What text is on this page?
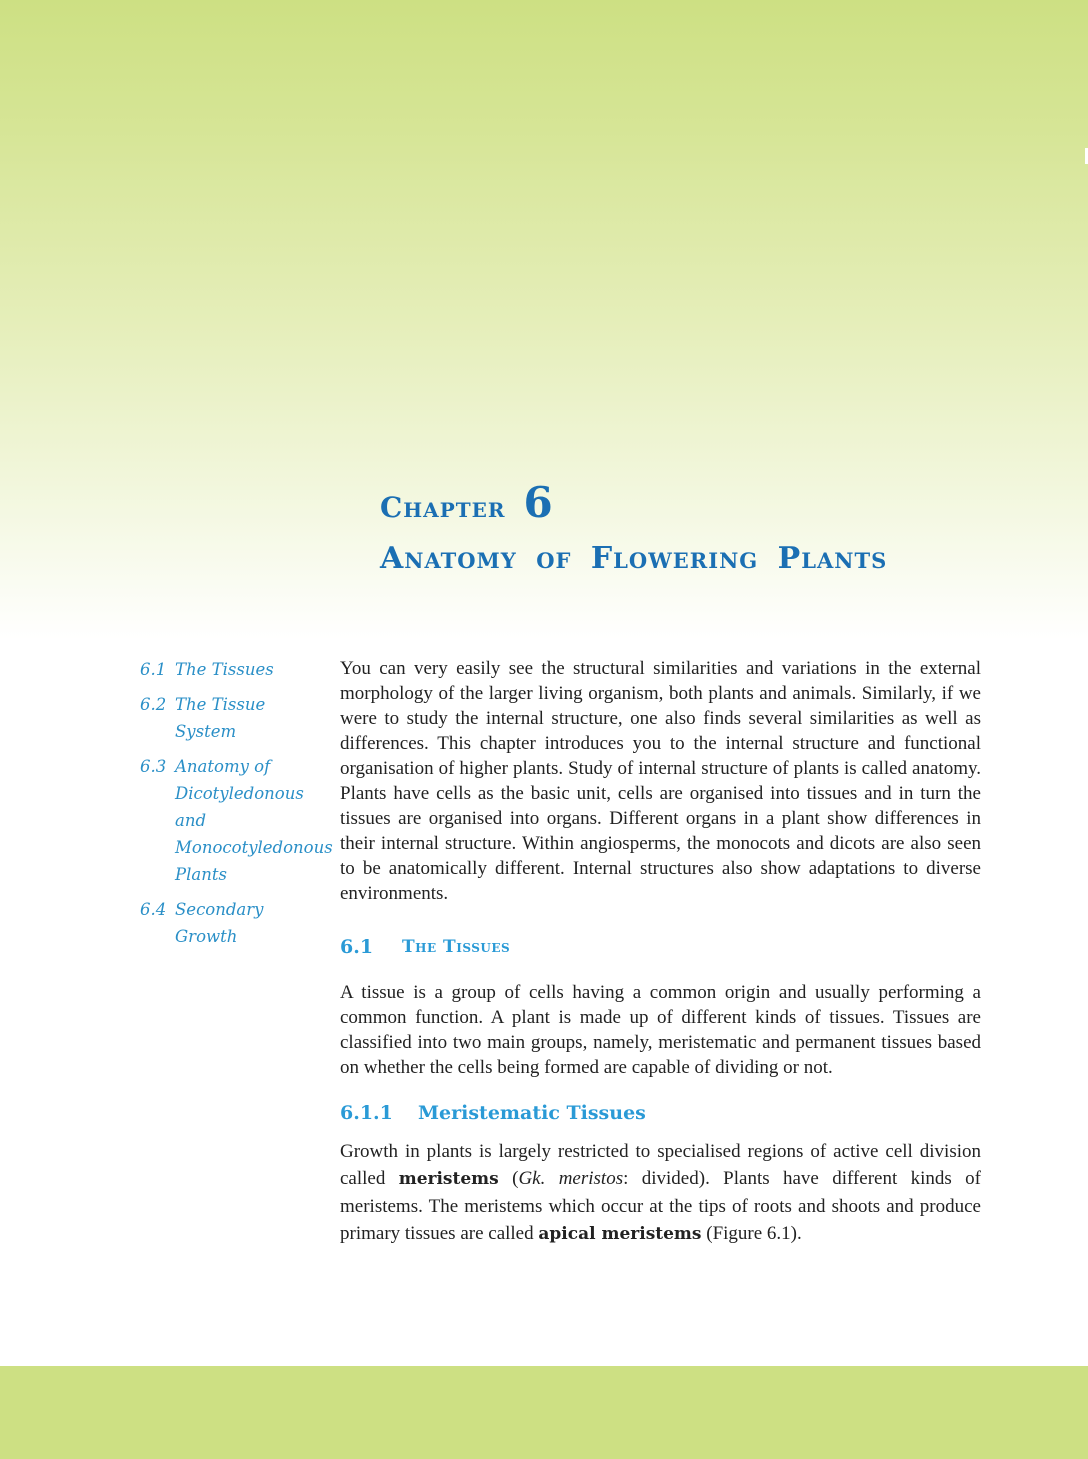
Chapter 6
Anatomy of Flowering Plants
6.1 The Tissues
6.2 The Tissue System
6.3 Anatomy of Dicotyledonous and Monocotyledonous Plants
6.4 Secondary Growth

You can very easily see the structural similarities and variations in the external morphology of the larger living organism, both plants and animals. Similarly, if we were to study the internal structure, one also finds several similarities as well as differences. This chapter introduces you to the internal structure and functional organisation of higher plants. Study of internal structure of plants is called anatomy. Plants have cells as the basic unit, cells are organised into tissues and in turn the tissues are organised into organs. Different organs in a plant show differences in their internal structure. Within angiosperms, the monocots and dicots are also seen to be anatomically different. Internal structures also show adaptations to diverse environments.

6.1	The Tissues

A tissue is a group of cells having a common origin and usually performing a common function. A plant is made up of different kinds of tissues. Tissues are classified into two main groups, namely, meristematic and permanent tissues based on whether the cells being formed are capable of dividing or not.

6.1.1	Meristematic Tissues

Growth in plants is largely restricted to specialised regions of active cell division called meristems (Gk. meristos: divided). Plants have different kinds of meristems. The meristems which occur at the tips of roots and shoots and produce primary tissues are called apical meristems (Figure 6.1).
